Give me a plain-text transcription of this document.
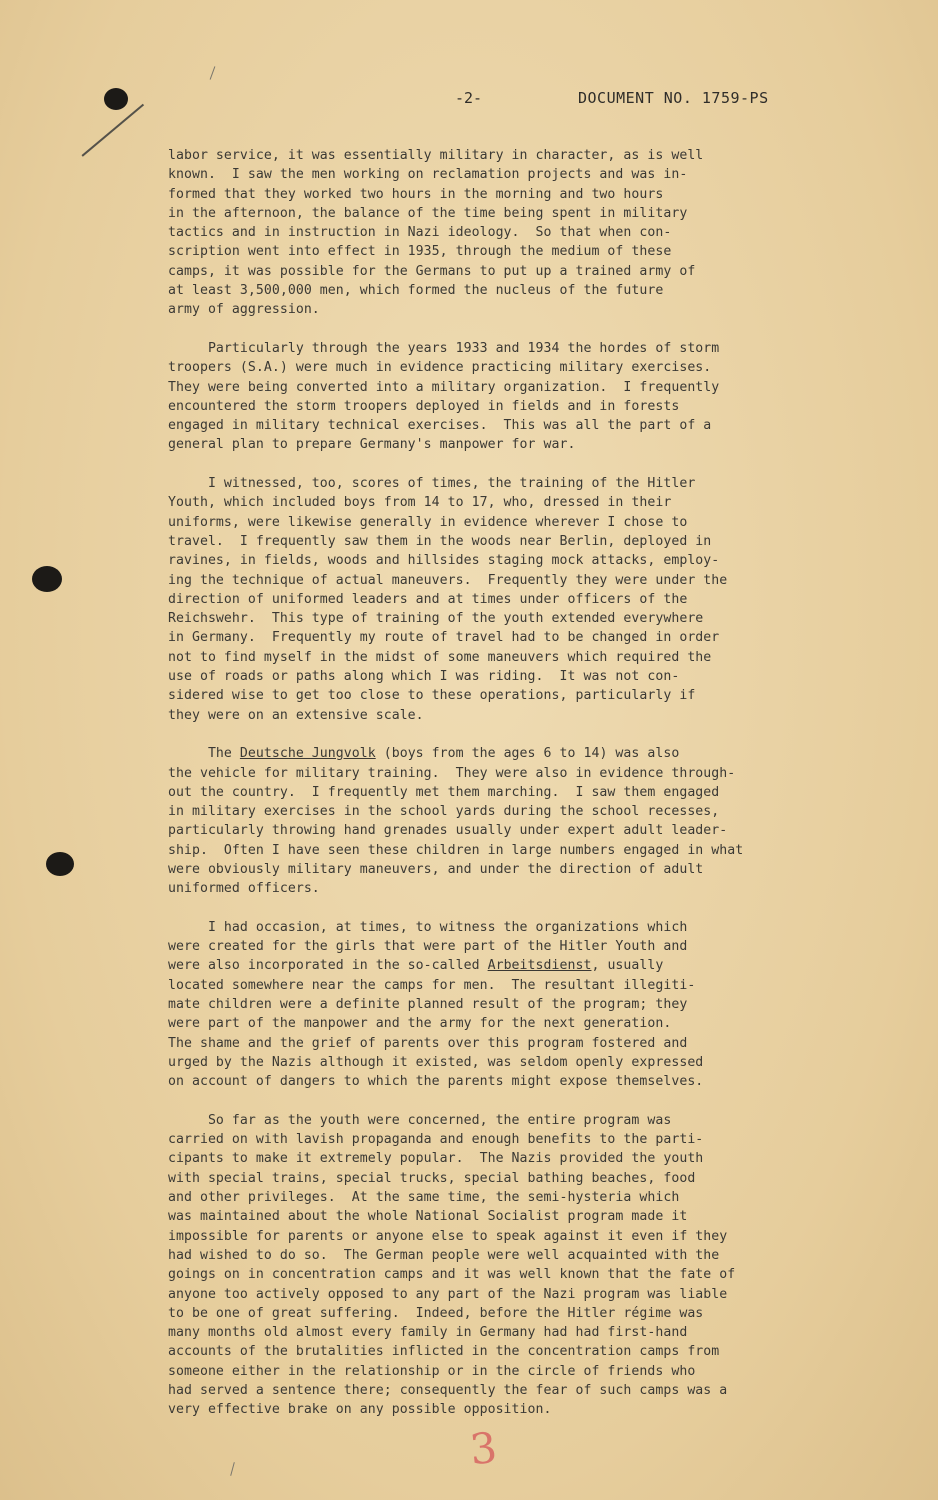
-2-	DOCUMENT NO. 1759-PS
labor service, it was essentially military in character, as is well
known.  I saw the men working on reclamation projects and was in-
formed that they worked two hours in the morning and two hours
in the afternoon, the balance of the time being spent in military
tactics and in instruction in Nazi ideology.  So that when con-
scription went into effect in 1935, through the medium of these
camps, it was possible for the Germans to put up a trained army of
at least 3,500,000 men, which formed the nucleus of the future
army of aggression.
Particularly through the years 1933 and 1934 the hordes of storm
troopers (S.A.) were much in evidence practicing military exercises.
They were being converted into a military organization.  I frequently
encountered the storm troopers deployed in fields and in forests
engaged in military technical exercises.  This was all the part of a
general plan to prepare Germany's manpower for war.
I witnessed, too, scores of times, the training of the Hitler
Youth, which included boys from 14 to 17, who, dressed in their
uniforms, were likewise generally in evidence wherever I chose to
travel.  I frequently saw them in the woods near Berlin, deployed in
ravines, in fields, woods and hillsides staging mock attacks, employ-
ing the technique of actual maneuvers.  Frequently they were under the
direction of uniformed leaders and at times under officers of the
Reichswehr.  This type of training of the youth extended everywhere
in Germany.  Frequently my route of travel had to be changed in order
not to find myself in the midst of some maneuvers which required the
use of roads or paths along which I was riding.  It was not con-
sidered wise to get too close to these operations, particularly if
they were on an extensive scale.
The Deutsche Jungvolk (boys from the ages 6 to 14) was also
the vehicle for military training.  They were also in evidence through-
out the country.  I frequently met them marching.  I saw them engaged
in military exercises in the school yards during the school recesses,
particularly throwing hand grenades usually under expert adult leader-
ship.  Often I have seen these children in large numbers engaged in what
were obviously military maneuvers, and under the direction of adult
uniformed officers.
I had occasion, at times, to witness the organizations which
were created for the girls that were part of the Hitler Youth and
were also incorporated in the so-called Arbeitsdienst, usually
located somewhere near the camps for men.  The resultant illegiti-
mate children were a definite planned result of the program; they
were part of the manpower and the army for the next generation.
The shame and the grief of parents over this program fostered and
urged by the Nazis although it existed, was seldom openly expressed
on account of dangers to which the parents might expose themselves.
So far as the youth were concerned, the entire program was
carried on with lavish propaganda and enough benefits to the parti-
cipants to make it extremely popular.  The Nazis provided the youth
with special trains, special trucks, special bathing beaches, food
and other privileges.  At the same time, the semi-hysteria which
was maintained about the whole National Socialist program made it
impossible for parents or anyone else to speak against it even if they
had wished to do so.  The German people were well acquainted with the
goings on in concentration camps and it was well known that the fate of
anyone too actively opposed to any part of the Nazi program was liable
to be one of great suffering.  Indeed, before the Hitler régime was
many months old almost every family in Germany had had first-hand
accounts of the brutalities inflicted in the concentration camps from
someone either in the relationship or in the circle of friends who
had served a sentence there; consequently the fear of such camps was a
very effective brake on any possible opposition.
3
